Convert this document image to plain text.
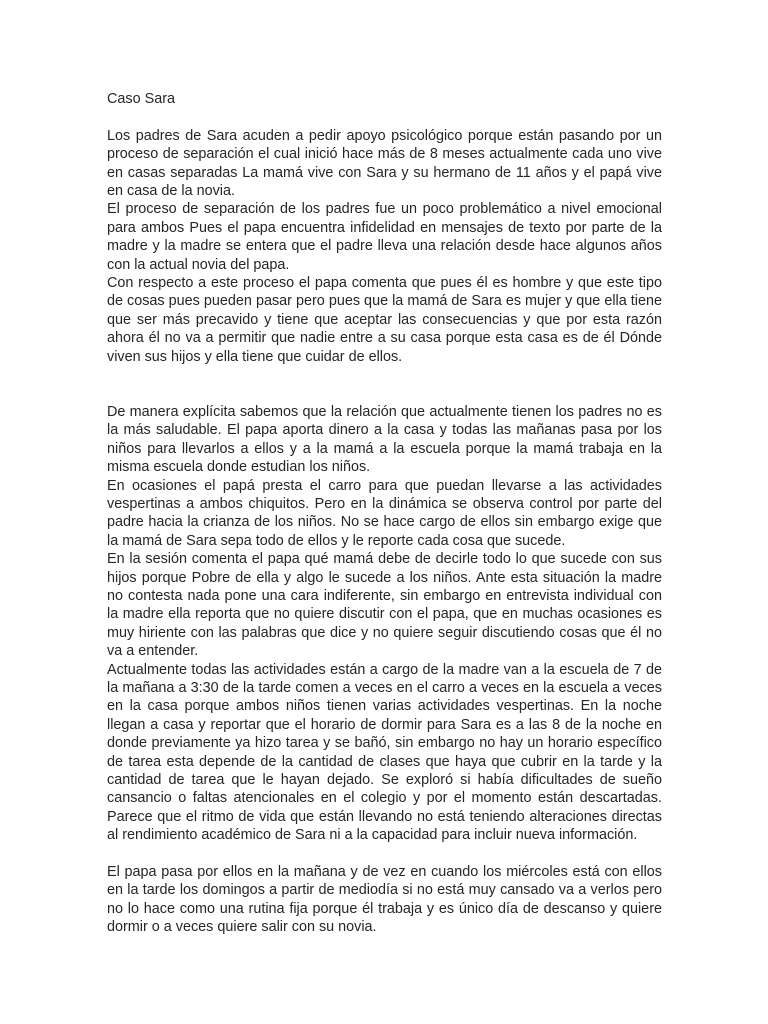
Caso Sara

Los padres de Sara acuden a pedir apoyo psicológico porque están pasando por un proceso de separación el cual inició hace más de 8 meses actualmente cada uno vive en casas separadas La mamá vive con Sara y su hermano de 11 años y el papá vive en casa de la novia.

El proceso de separación de los padres fue un poco problemático a nivel emocional para ambos Pues el papa encuentra infidelidad en mensajes de texto por parte de la madre y la madre se entera que el padre lleva una relación desde hace algunos años con la actual novia del papa.

Con respecto a este proceso el papa comenta que pues él es hombre y que este tipo de cosas pues pueden pasar pero pues que la mamá de Sara es mujer y que ella tiene que ser más precavido y tiene que aceptar las consecuencias y que por esta razón ahora él no va a permitir que nadie entre a su casa porque esta casa es de él Dónde viven sus hijos y ella tiene que cuidar de ellos.

De manera explícita sabemos que la relación que actualmente tienen los padres no es la más saludable. El papa aporta dinero a la casa y todas las mañanas pasa por los niños para llevarlos a ellos y a la mamá a la escuela porque la mamá trabaja en la misma escuela donde estudian los niños.

En ocasiones el papá presta el carro para que puedan llevarse a las actividades vespertinas a ambos chiquitos. Pero en la dinámica se observa control por parte del padre hacia la crianza de los niños. No se hace cargo de ellos sin embargo exige que la mamá de Sara sepa todo de ellos y le reporte cada cosa que sucede.

En la sesión comenta el papa qué mamá debe de decirle todo lo que sucede con sus hijos porque Pobre de ella y algo le sucede a los niños. Ante esta situación la madre no contesta nada pone una cara indiferente, sin embargo en entrevista individual con la madre ella reporta que no quiere discutir con el papa, que en muchas ocasiones es muy hiriente con las palabras que dice y no quiere seguir discutiendo cosas que él no va a entender.

Actualmente todas las actividades están a cargo de la madre van a la escuela de 7 de la mañana a 3:30 de la tarde comen a veces en el carro a veces en la escuela a veces en la casa porque ambos niños tienen varias actividades vespertinas. En la noche llegan a casa y reportar que el horario de dormir para Sara es a las 8 de la noche en donde previamente ya hizo tarea y se bañó, sin embargo no hay un horario específico de tarea esta depende de la cantidad de clases que haya que cubrir en la tarde y la cantidad de tarea que le hayan dejado. Se exploró si había dificultades de sueño cansancio o faltas atencionales en el colegio y por el momento están descartadas. Parece que el ritmo de vida que están llevando no está teniendo alteraciones directas al rendimiento académico de Sara ni a la capacidad para incluir nueva información.

El papa pasa por ellos en la mañana y de vez en cuando los miércoles está con ellos en la tarde los domingos a partir de mediodía si no está muy cansado va a verlos pero no lo hace como una rutina fija porque él trabaja y es único día de descanso y quiere dormir o a veces quiere salir con su novia.
